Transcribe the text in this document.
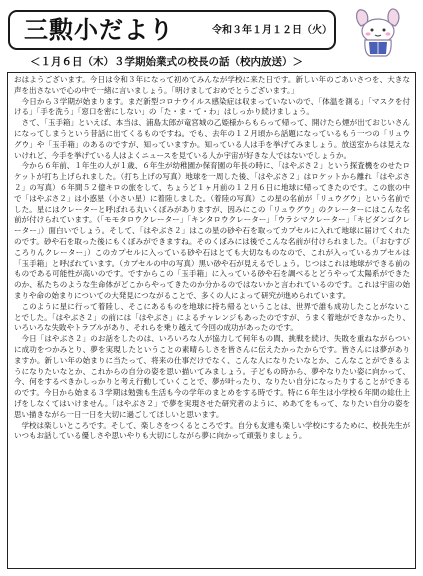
三勲小だより	令和３年１月１２日（火）
＜１月６日（木）３学期始業式の校長の話（校内放送）＞

おはようございます。今日は令和３年になって初めてみんなが学校に来た日です。新しい年のごあいさつを、大きな声を出さないで心の中で一緒に言いましょう。「明けましておめでとうございます。」

今日から３学期が始まります。まだ新型コロナウイルス感染症は収まっていないので、「体温を測る」「マスクを付ける」「手を洗う」「窓口を密にしない」の「た・ま・て・わ」はしっかり続けましょう。

さて、「玉手箱」といえば、本当は、浦島太郎が竜宮城の乙姫様からもらって帰って、開けたら煙が出ておじいさんになってしまうという昔話に出てくるものですね。でも、去年の１２月頃から話題になっているもう一つの「リュウグウ」や「玉手箱」のあるのですが、知っていますか。知っている人は手を挙げてみましょう。放送室からは見えないけれど、今手を挙げている人はよくニュースを見ている人か宇宙が好きな人ではないでしょうか。

今から６年前、１年生の人が１歳、６年生が幼稚園か保育園の年長の時に、「はやぶさ２」という探査機をのせたロケットが打ち上げられました。（打ち上げの写真）地球を一周した後、「はやぶさ２」はロケットから離れ「はやぶさ２」の写真）６年間５２億キロの旅をして、ちょうど１ヶ月前の１２月６日に地球に帰ってきたのです。この旅の中で「はやぶさ２」は小惑星（小さい星）に着陸しました。（着陸の写真）この星の名前が「リュウグウ」という名前でした。星にはクレーターと呼ばれる丸いくぼみがありますが、因みにこの「リュウグウ」のクレーターにはこんな名前が付けられています。（「モモタロウクレーター」「キンタロウクレーター」「ウラシマクレーター」「キビダンゴクレーター」）面白いでしょう。そして、「はやぶさ２」はこの星の砂や石を取ってカプセルに入れて地球に届けてくれたのです。砂や石を取った後にもくぼみができますね。そのくぼみには後でこんな名前が付けられました。（「おむすびころりんクレーター」）このカプセルに入っている砂や石はとても大切なものなので、これが入っているカプセルは「玉手箱」と呼ばれています。（カプセルの中の写真）黒い砂や石が見えるでしょう。じつはこれは地球ができる前のものである可能性が高いのです。ですからこの「玉手箱」に入っている砂や石を調べるとどうやって太陽系ができたのか、私たちのような生命体がどこからやってきたのか分かるのではないかと言われているのです。これは宇宙の始まりや命の始まりについての大発見につながることで、多くの人によって研究が進められています。

このように星に行って着陸し、そこにあるものを地球に持ち帰るということは、世界で誰も成功したことがないことでした。「はやぶさ２」の前には「はやぶさ」によるチャレンジもあったのですが、うまく着地ができなかったり、いろいろな失敗やトラブルがあり、それらを乗り越えて今回の成功があったのです。

今日「はやぶさ２」のお話をしたのは、いろいろな人が協力して何年もの間、挑戦を続け、失敗を重ねながらついに成功をつかみとり、夢を実現したということの素晴らしさを皆さんに伝えたかったからです。皆さんには夢がありますか。新しい年の始まりに当たって、将来の仕事だけでなく、こんな人になりたいなとか、こんなことができるようになりたいなとか、これからの自分の姿を思い描いてみましょう。子どもの時から、夢やなりたい姿に向かって、今、何をするべきかしっかりと考え行動していくことで、夢が叶ったり、なりたい自分になったりすることができるのです。今日から始まる３学期は勉強も生活も今の学年のまとめをする時です。特に６年生は小学校６年間の総仕上げをしなくてはいけません。「はやぶさ２」で夢を実現させた研究者のように、めあてをもって、なりたい自分の姿を思い描きながら一日一日を大切に過ごしてほしいと思います。

学校は楽しいところです。そして、楽しさをつくるところです。自分も友達も楽しい学校にするために、校長先生がいつもお話している優しさや思いやりも大切にしながら夢に向かって頑張りましょう。
